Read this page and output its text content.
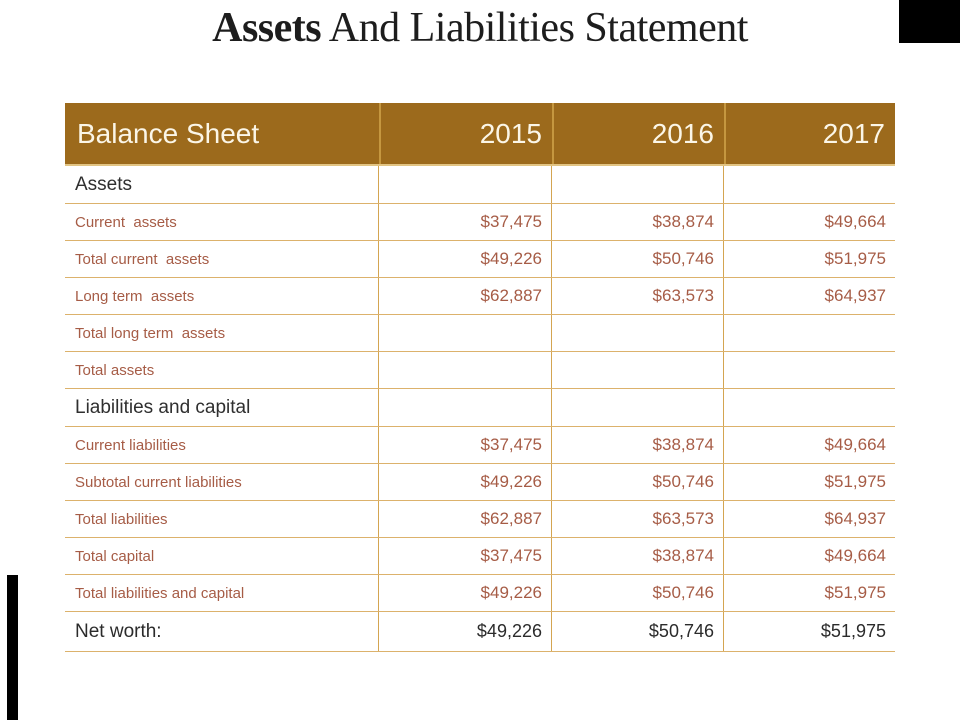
Assets And Liabilities Statement
Balance Sheet	2015	2016	2017
Assets
Current  assets	$37,475	$38,874	$49,664
Total current  assets	$49,226	$50,746	$51,975
Long term  assets	$62,887	$63,573	$64,937
Total long term  assets
Total assets
Liabilities and capital
Current liabilities	$37,475	$38,874	$49,664
Subtotal current liabilities	$49,226	$50,746	$51,975
Total liabilities	$62,887	$63,573	$64,937
Total capital	$37,475	$38,874	$49,664
Total liabilities and capital	$49,226	$50,746	$51,975
Net worth:	$49,226	$50,746	$51,975
